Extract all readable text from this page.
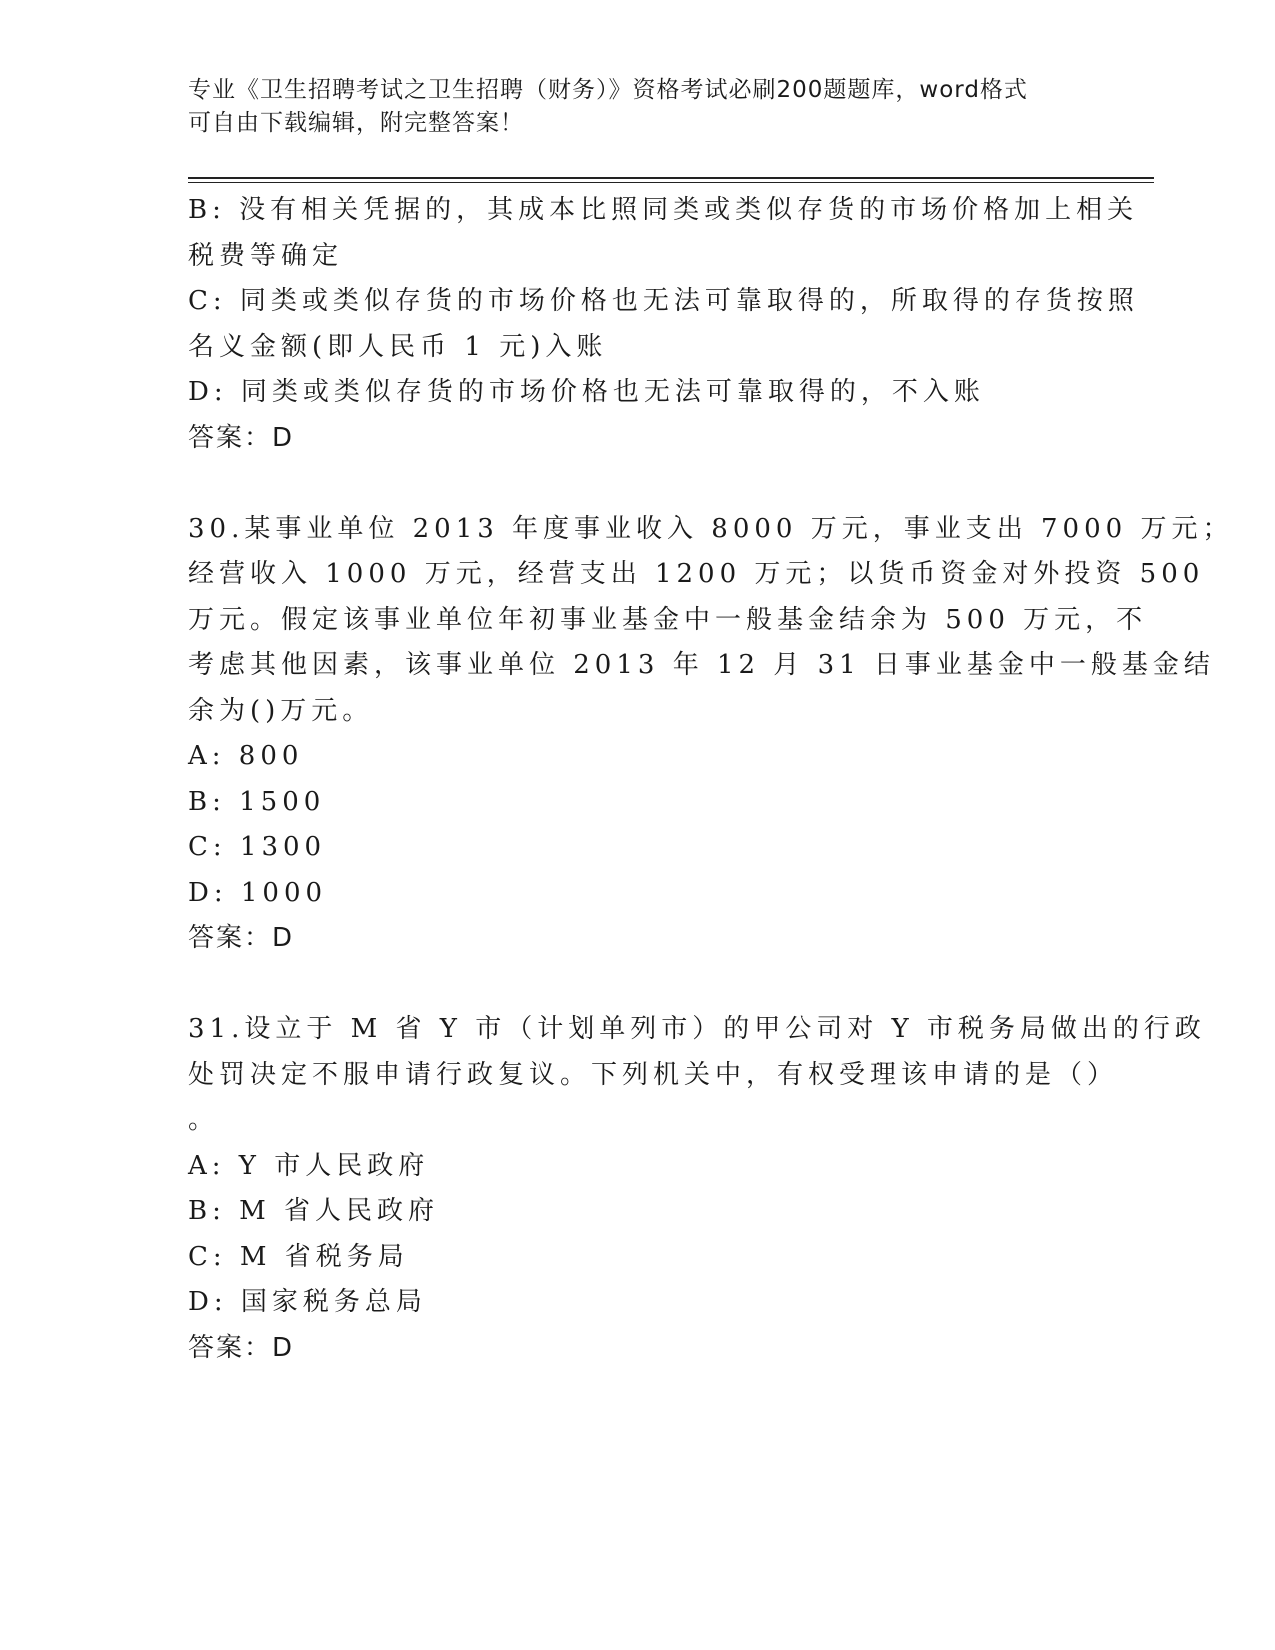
专业《卫生招聘考试之卫生招聘（财务）》资格考试必刷200题题库，word格式
可自由下载编辑，附完整答案！
B: 没有相关凭据的，其成本比照同类或类似存货的市场价格加上相关
税费等确定
C: 同类或类似存货的市场价格也无法可靠取得的，所取得的存货按照
名义金额(即人民币 1 元)入账
D: 同类或类似存货的市场价格也无法可靠取得的，不入账
答案：D
30.某事业单位 2013 年度事业收入 8000 万元，事业支出 7000 万元；
经营收入 1000 万元，经营支出 1200 万元；以货币资金对外投资 500
万元。假定该事业单位年初事业基金中一般基金结余为 500 万元，不
考虑其他因素，该事业单位 2013 年 12 月 31 日事业基金中一般基金结
余为()万元。
A: 800
B: 1500
C: 1300
D: 1000
答案：D
31.设立于 M 省 Y 市（计划单列市）的甲公司对 Y 市税务局做出的行政
处罚决定不服申请行政复议。下列机关中，有权受理该申请的是（）
。
A: Y 市人民政府
B: M 省人民政府
C: M 省税务局
D: 国家税务总局
答案：D
